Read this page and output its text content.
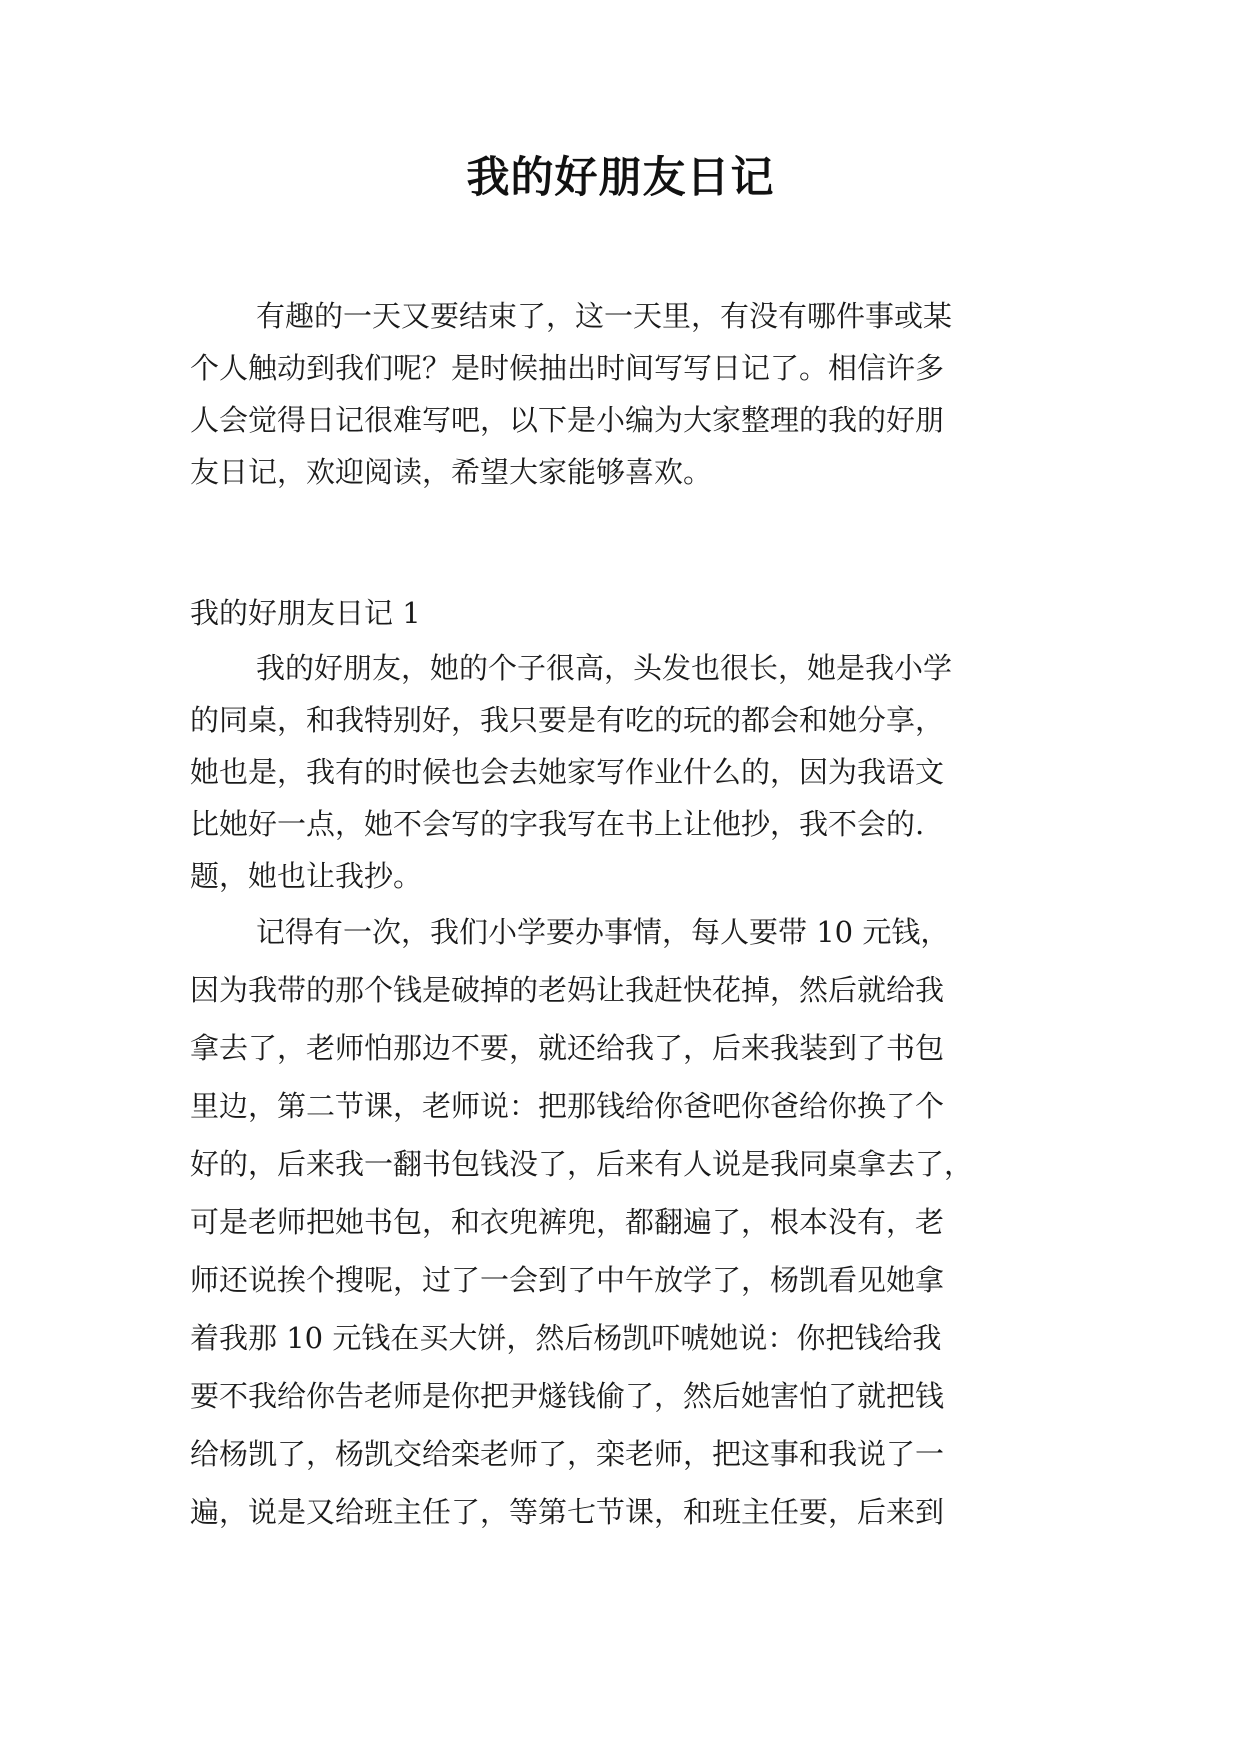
我的好朋友日记
有趣的一天又要结束了，这一天里，有没有哪件事或某
个人触动到我们呢？是时候抽出时间写写日记了。相信许多
人会觉得日记很难写吧，以下是小编为大家整理的我的好朋
友日记，欢迎阅读，希望大家能够喜欢。
我的好朋友日记 1
我的好朋友，她的个子很高，头发也很长，她是我小学
的同桌，和我特别好，我只要是有吃的玩的都会和她分享，
她也是，我有的时候也会去她家写作业什么的，因为我语文
比她好一点，她不会写的字我写在书上让他抄，我不会的.
题，她也让我抄。
记得有一次，我们小学要办事情，每人要带 10 元钱，
因为我带的那个钱是破掉的老妈让我赶快花掉，然后就给我
拿去了，老师怕那边不要，就还给我了，后来我装到了书包
里边，第二节课，老师说：把那钱给你爸吧你爸给你换了个
好的，后来我一翻书包钱没了，后来有人说是我同桌拿去了，
可是老师把她书包，和衣兜裤兜，都翻遍了，根本没有，老
师还说挨个搜呢，过了一会到了中午放学了，杨凯看见她拿
着我那 10 元钱在买大饼，然后杨凯吓唬她说：你把钱给我
要不我给你告老师是你把尹燧钱偷了，然后她害怕了就把钱
给杨凯了，杨凯交给栾老师了，栾老师，把这事和我说了一
遍，说是又给班主任了，等第七节课，和班主任要，后来到
